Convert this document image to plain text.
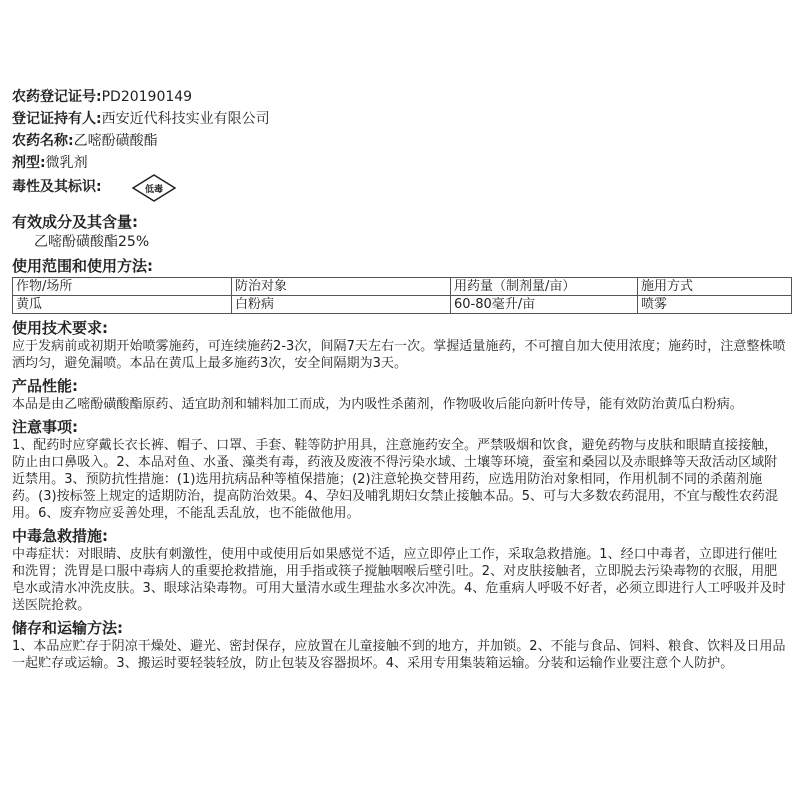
农药登记证号:PD20190149
登记证持有人:西安近代科技实业有限公司
农药名称:乙嘧酚磺酸酯
剂型:微乳剂
毒性及其标识:	低毒
有效成分及其含量:
乙嘧酚磺酸酯25%
使用范围和使用方法:
作物/场所	防治对象	用药量（制剂量/亩）	施用方式
黄瓜	白粉病	60-80毫升/亩	喷雾
使用技术要求:
应于发病前或初期开始喷雾施药，可连续施药2-3次，间隔7天左右一次。掌握适量施药，不可擅自加大使用浓度；施药时，注意整株喷洒均匀，避免漏喷。本品在黄瓜上最多施药3次，安全间隔期为3天。
产品性能:
本品是由乙嘧酚磺酸酯原药、适宜助剂和辅料加工而成，为内吸性杀菌剂，作物吸收后能向新叶传导，能有效防治黄瓜白粉病。
注意事项:
1、配药时应穿戴长衣长裤、帽子、口罩、手套、鞋等防护用具，注意施药安全。严禁吸烟和饮食，避免药物与皮肤和眼睛直接接触，防止由口鼻吸入。2、本品对鱼、水蚤、藻类有毒，药液及废液不得污染水域、土壤等环境，蚕室和桑园以及赤眼蜂等天敌活动区域附近禁用。3、预防抗性措施：(1)选用抗病品种等植保措施；(2)注意轮换交替用药，应选用防治对象相同，作用机制不同的杀菌剂施药。(3)按标签上规定的适期防治，提高防治效果。4、孕妇及哺乳期妇女禁止接触本品。5、可与大多数农药混用，不宜与酸性农药混用。6、废弃物应妥善处理，不能乱丢乱放，也不能做他用。
中毒急救措施:
中毒症状：对眼睛、皮肤有刺激性，使用中或使用后如果感觉不适，应立即停止工作，采取急救措施。1、经口中毒者，立即进行催吐和洗胃；洗胃是口服中毒病人的重要抢救措施，用手指或筷子搅触咽喉后壁引吐。2、对皮肤接触者，立即脱去污染毒物的衣服，用肥皂水或清水冲洗皮肤。3、眼球沾染毒物。可用大量清水或生理盐水多次冲洗。4、危重病人呼吸不好者，必须立即进行人工呼吸并及时送医院抢救。
储存和运输方法:
1、本品应贮存于阴凉干燥处、避光、密封保存，应放置在儿童接触不到的地方，并加锁。2、不能与食品、饲料、粮食、饮料及日用品一起贮存或运输。3、搬运时要轻装轻放，防止包装及容器损坏。4、采用专用集装箱运输。分装和运输作业要注意个人防护。
